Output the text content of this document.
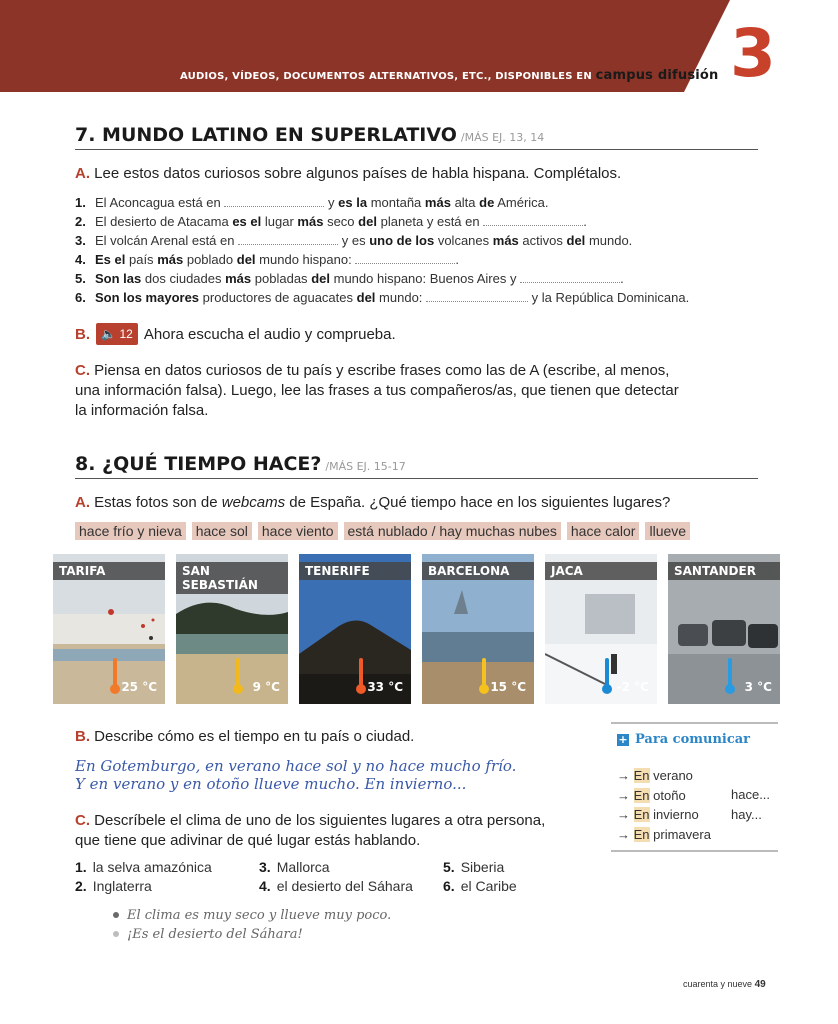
AUDIOS, VÍDEOS, DOCUMENTOS ALTERNATIVOS, ETC., DISPONIBLES EN campus difusión 3
7. MUNDO LATINO EN SUPERLATIVO /MÁS EJ. 13, 14
A. Lee estos datos curiosos sobre algunos países de habla hispana. Complétalos.
1. El Aconcagua está en	y es la montaña más alta de América.
2. El desierto de Atacama es el lugar más seco del planeta y está en	.
3. El volcán Arenal está en	y es uno de los volcanes más activos del mundo.
4. Es el país más poblado del mundo hispano:	.
5. Son las dos ciudades más pobladas del mundo hispano: Buenos Aires y	.
6. Son los mayores productores de aguacates del mundo:	y la República Dominicana.
B. 🔈 12 Ahora escucha el audio y comprueba.
C. Piensa en datos curiosos de tu país y escribe frases como las de A (escribe, al menos,
una información falsa). Luego, lee las frases a tus compañeros/as, que tienen que detectar
la información falsa.
8. ¿QUÉ TIEMPO HACE? /MÁS EJ. 15-17
A. Estas fotos son de webcams de España. ¿Qué tiempo hace en los siguientes lugares?
hace frío y nieva hace sol hace viento está nublado / hay muchas nubes hace calor llueve
TARIFA
25 °C
SAN SEBASTIÁN
9 °C
TENERIFE
33 °C
BARCELONA
15 °C
JACA
-2 °C
SANTANDER
3 °C
B. Describe cómo es el tiempo en tu país o ciudad.
En Gotemburgo, en verano hace sol y no hace mucho frío.
Y en verano y en otoño llueve mucho. En invierno...
C. Descríbele el clima de uno de los siguientes lugares a otra persona,
que tiene que adivinar de qué lugar estás hablando.
1. la selva amazónica
2. Inglaterra
3. Mallorca
4. el desierto del Sáhara
5. Siberia
6. el Caribe
El clima es muy seco y llueve muy poco.
¡Es el desierto del Sáhara!
+ Para comunicar
→ En verano
→ En otoño
→ En invierno
→ En primavera
hace...
hay...
cuarenta y nueve 49
